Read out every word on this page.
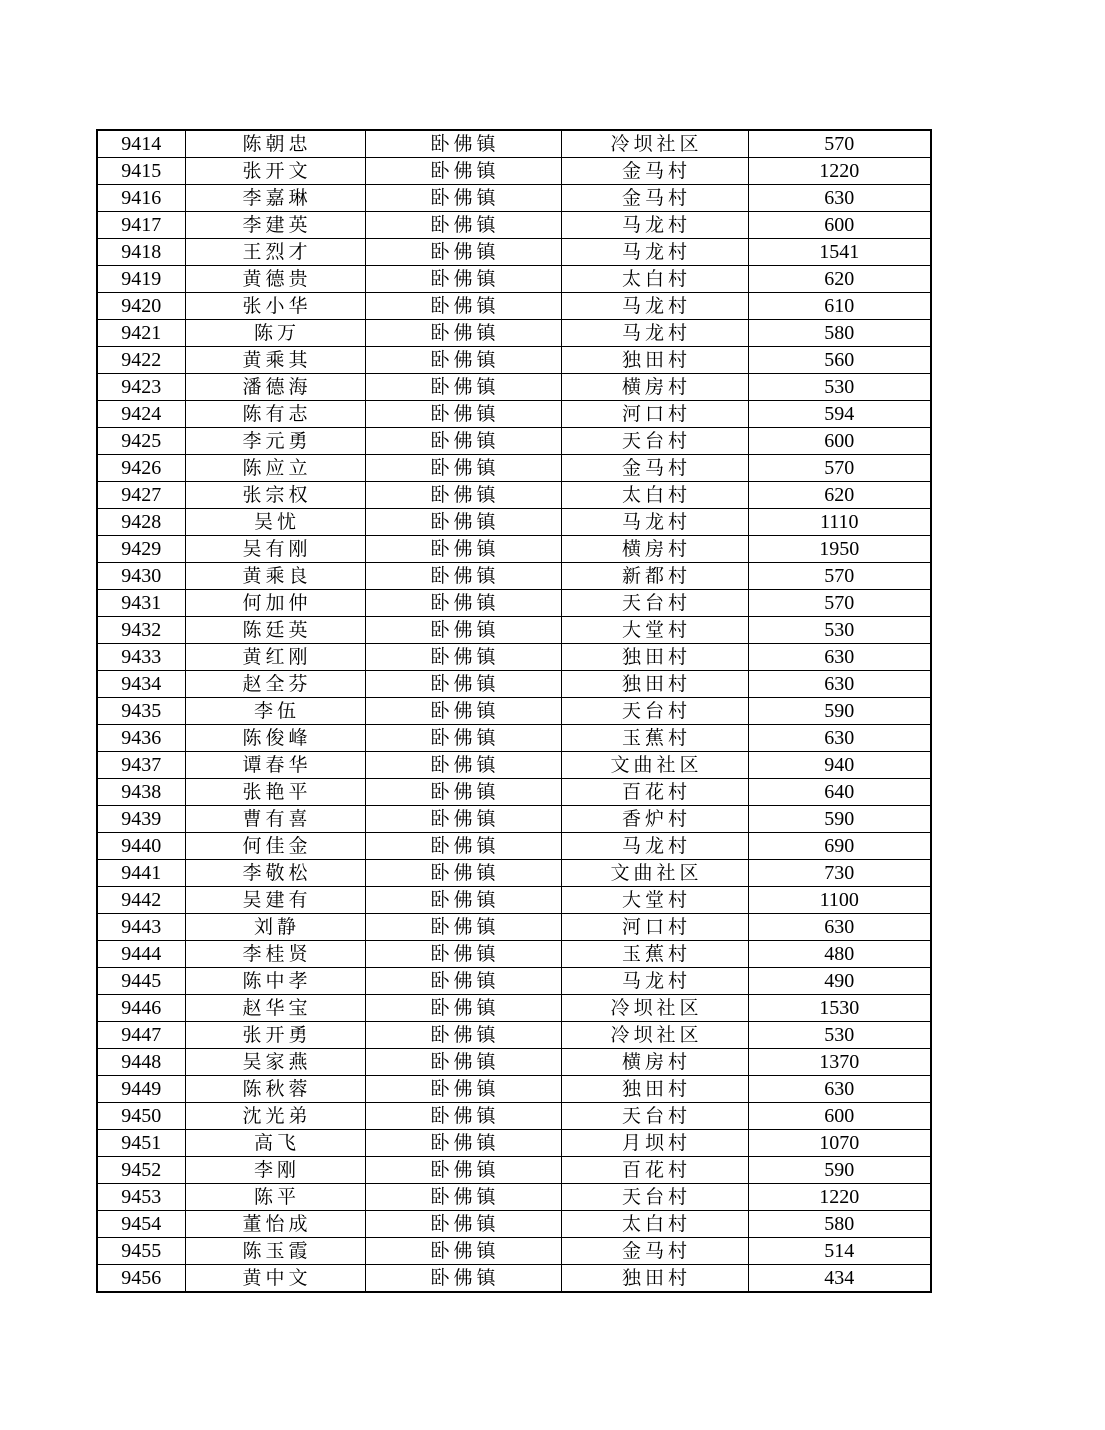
9414	陈朝忠	卧佛镇	冷坝社区	570
9415	张开文	卧佛镇	金马村	1220
9416	李嘉琳	卧佛镇	金马村	630
9417	李建英	卧佛镇	马龙村	600
9418	王烈才	卧佛镇	马龙村	1541
9419	黄德贵	卧佛镇	太白村	620
9420	张小华	卧佛镇	马龙村	610
9421	陈万	卧佛镇	马龙村	580
9422	黄乘其	卧佛镇	独田村	560
9423	潘德海	卧佛镇	横房村	530
9424	陈有志	卧佛镇	河口村	594
9425	李元勇	卧佛镇	天台村	600
9426	陈应立	卧佛镇	金马村	570
9427	张宗权	卧佛镇	太白村	620
9428	吴忧	卧佛镇	马龙村	1110
9429	吴有刚	卧佛镇	横房村	1950
9430	黄乘良	卧佛镇	新都村	570
9431	何加仲	卧佛镇	天台村	570
9432	陈廷英	卧佛镇	大堂村	530
9433	黄红刚	卧佛镇	独田村	630
9434	赵全芬	卧佛镇	独田村	630
9435	李伍	卧佛镇	天台村	590
9436	陈俊峰	卧佛镇	玉蕉村	630
9437	谭春华	卧佛镇	文曲社区	940
9438	张艳平	卧佛镇	百花村	640
9439	曹有喜	卧佛镇	香炉村	590
9440	何佳金	卧佛镇	马龙村	690
9441	李敬松	卧佛镇	文曲社区	730
9442	吴建有	卧佛镇	大堂村	1100
9443	刘静	卧佛镇	河口村	630
9444	李桂贤	卧佛镇	玉蕉村	480
9445	陈中孝	卧佛镇	马龙村	490
9446	赵华宝	卧佛镇	冷坝社区	1530
9447	张开勇	卧佛镇	冷坝社区	530
9448	吴家燕	卧佛镇	横房村	1370
9449	陈秋蓉	卧佛镇	独田村	630
9450	沈光弟	卧佛镇	天台村	600
9451	高飞	卧佛镇	月坝村	1070
9452	李刚	卧佛镇	百花村	590
9453	陈平	卧佛镇	天台村	1220
9454	董怡成	卧佛镇	太白村	580
9455	陈玉霞	卧佛镇	金马村	514
9456	黄中文	卧佛镇	独田村	434
